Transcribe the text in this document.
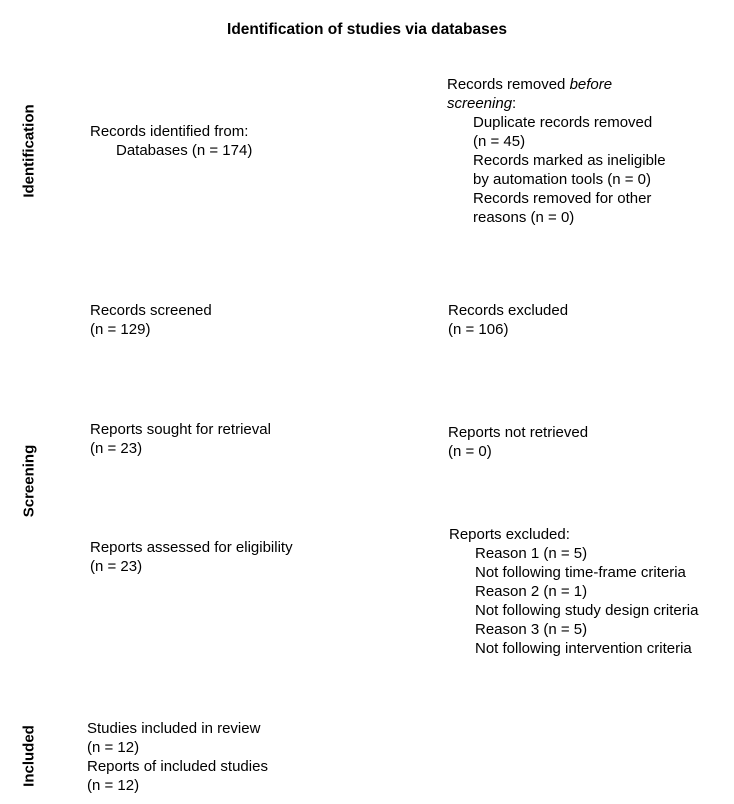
Identification of studies via databases
Identification
Screening
Included
Records identified from:
Databases (n = 174)
Records removed before
screening:
Duplicate records removed
(n = 45)
Records marked as ineligible
by automation tools (n = 0)
Records removed for other
reasons (n = 0)
Records screened
(n = 129)
Records excluded
(n = 106)
Reports sought for retrieval
(n = 23)
Reports not retrieved
(n = 0)
Reports assessed for eligibility
(n = 23)
Reports excluded:
Reason 1 (n = 5)
Not following time-frame criteria
Reason 2 (n = 1)
Not following study design criteria
Reason 3 (n = 5)
Not following intervention criteria
Studies included in review
(n = 12)
Reports of included studies
(n = 12)
